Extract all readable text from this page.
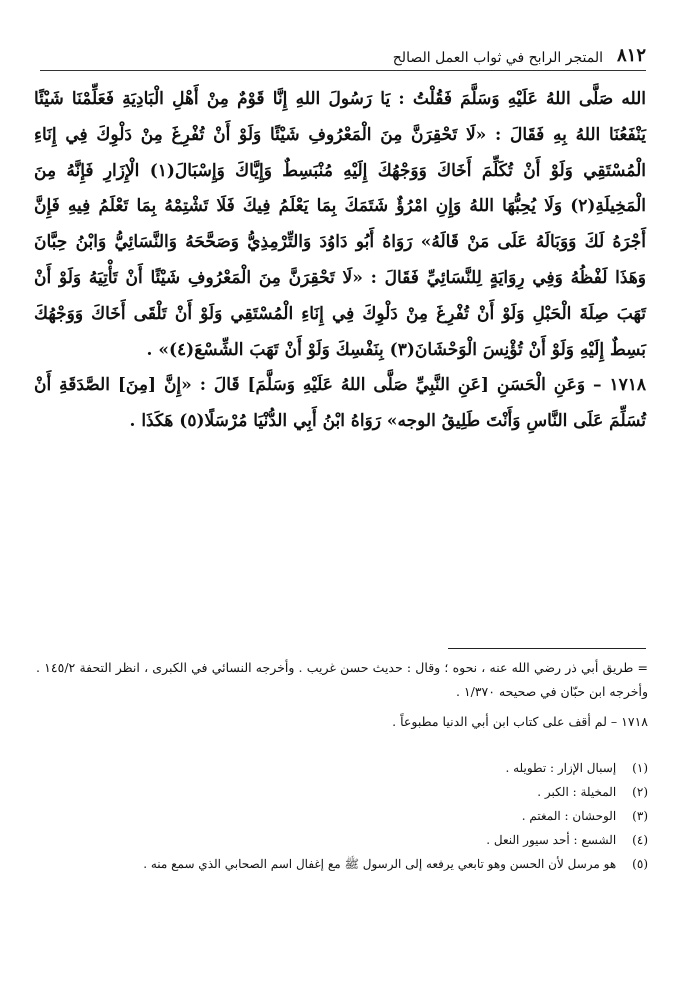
٨١٢
المتجر الرابح في ثواب العمل الصالح

الله صَلَّى اللهُ عَلَيْهِ وَسَلَّمَ فَقُلْتُ : يَا رَسُولَ اللهِ إِنَّا قَوْمٌ مِنْ أَهْلِ الْبَادِيَةِ فَعَلِّمْنَا شَيْئًا يَنْفَعُنَا اللهُ بِهِ فَقَالَ : «لَا تَحْقِرَنَّ مِنَ الْمَعْرُوفِ شَيْئًا وَلَوْ أَنْ تُفْرِغَ مِنْ دَلْوِكَ فِي إِنَاءِ الْمُسْتَقِي وَلَوْ أَنْ تُكَلِّمَ أَخَاكَ وَوَجْهُكَ إِلَيْهِ مُنْبَسِطٌ وَإِيَّاكَ وَإِسْبَالَ(١) الْإِزَارِ فَإِنَّهُ مِنَ الْمَخِيلَةِ(٢) وَلَا يُحِبُّهَا اللهُ وَإِنِ امْرُؤٌ شَتَمَكَ بِمَا يَعْلَمُ فِيكَ فَلَا تَشْتِمْهُ بِمَا تَعْلَمُ فِيهِ فَإِنَّ أَجْرَهُ لَكَ وَوَبَالَهُ عَلَى مَنْ قَالَهُ» رَوَاهُ أَبُو دَاوُدَ وَالتِّرْمِذِيُّ وَصَحَّحَهُ وَالنَّسَائِيُّ وَابْنُ حِبَّانَ وَهَذَا لَفْظُهُ وَفِي رِوَايَةٍ لِلنَّسَائِيِّ فَقَالَ : «لَا تَحْقِرَنَّ مِنَ الْمَعْرُوفِ شَيْئًا أَنْ تَأْتِيَهُ وَلَوْ أَنْ تَهَبَ صِلَةَ الْحَبْلِ وَلَوْ أَنْ تُفْرِغَ مِنْ دَلْوِكَ فِي إِنَاءِ الْمُسْتَقِي وَلَوْ أَنْ تَلْقَى أَخَاكَ وَوَجْهُكَ بَسِطٌ إِلَيْهِ وَلَوْ أَنْ تُؤْنِسَ الْوَحْشَانَ(٣) بِنَفْسِكَ وَلَوْ أَنْ تَهَبَ الشِّسْعَ(٤)» .

١٧١٨ – وَعَنِ الْحَسَنِ [عَنِ النَّبِيِّ صَلَّى اللهُ عَلَيْهِ وَسَلَّمَ] قَالَ : «إِنَّ [مِنَ] الصَّدَقَةِ أَنْ تُسَلِّمَ عَلَى النَّاسِ وَأَنْتَ طَلِيقُ الوجه» رَوَاهُ ابْنُ أَبِي الدُّنْيَا مُرْسَلًا(٥) هَكَذَا .

= طريق أبي ذر رضي الله عنه ، نحوه ؛ وقال : حديث حسن غريب . وأخرجه النسائي في الكبرى ، انظر التحفة ١٤٥/٢ . وأخرجه ابن حبّان في صحيحه ١/٣٧٠ .

١٧١٨ – لم أقف على كتاب ابن أبي الدنيا مطبوعاً .

(١) إسبال الإزار : تطويله .
(٢) المخيلة : الكبر .
(٣) الوحشان : المغتم .
(٤) الشسع : أحد سيور النعل .
(٥) هو مرسل لأن الحسن وهو تابعي يرفعه إلى الرسول ﷺ مع إغفال اسم الصحابي الذي سمع منه .
